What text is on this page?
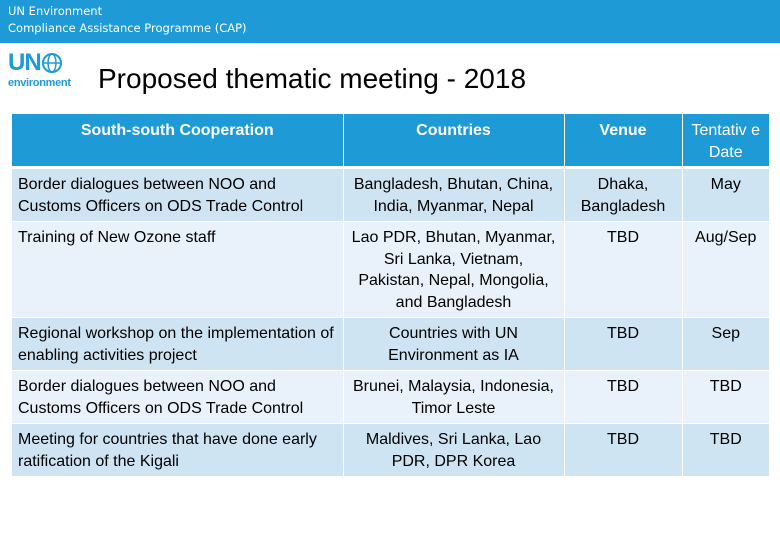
UN Environment
Compliance Assistance Programme (CAP)
UN
environment Proposed thematic meeting - 2018
South-south Cooperation	Countries	Venue	Tentativ e Date
Border dialogues between NOO and Customs Officers on ODS Trade Control	Bangladesh, Bhutan, China, India, Myanmar, Nepal	Dhaka, Bangladesh	May
Training of New Ozone staff	Lao PDR, Bhutan, Myanmar, Sri Lanka, Vietnam, Pakistan, Nepal, Mongolia, and Bangladesh	TBD	Aug/Sep
Regional workshop on the implementation of enabling activities project	Countries with UN Environment as IA	TBD	Sep
Border dialogues between NOO and Customs Officers on ODS Trade Control	Brunei, Malaysia, Indonesia, Timor Leste	TBD	TBD
Meeting for countries that have done early ratification of the Kigali	Maldives, Sri Lanka, Lao PDR, DPR Korea	TBD	TBD
